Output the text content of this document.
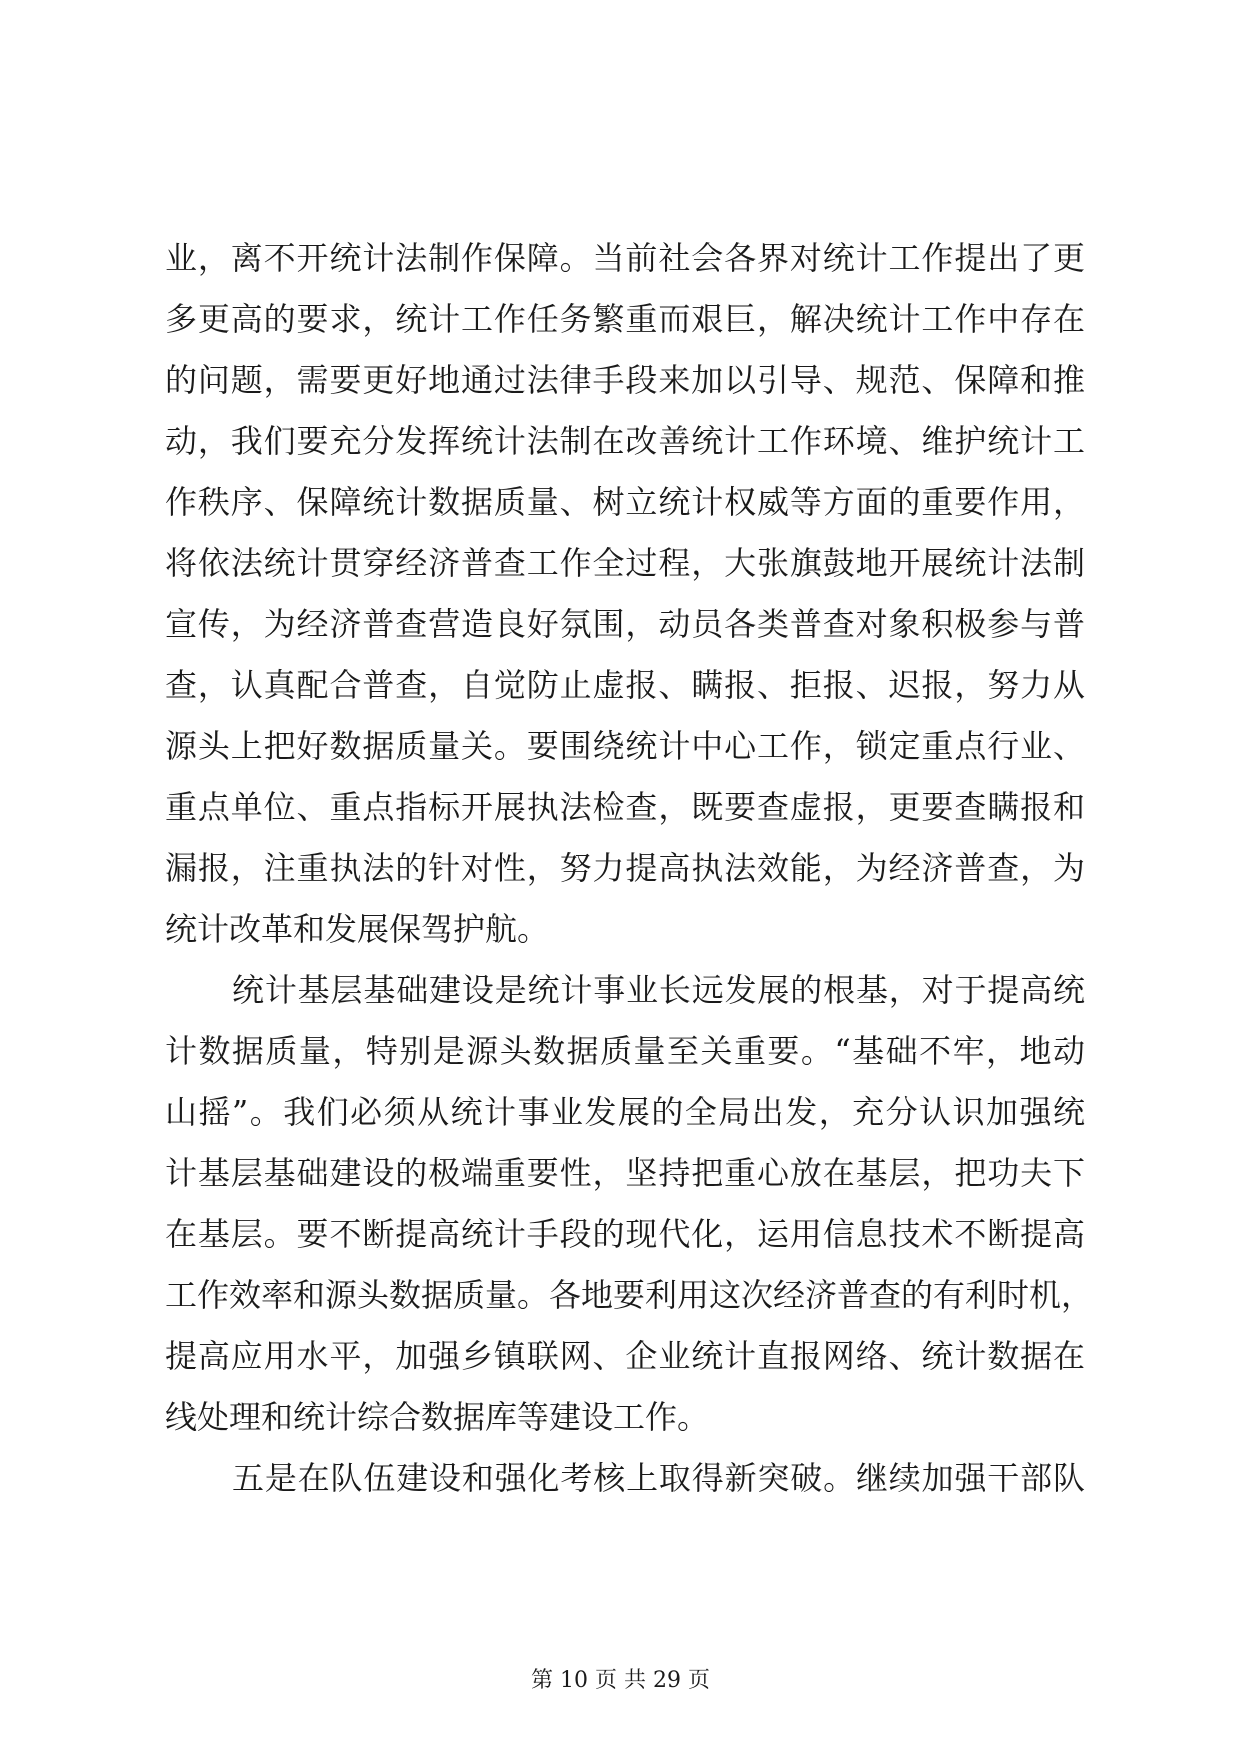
业，离不开统计法制作保障。当前社会各界对统计工作提出了更
多更高的要求，统计工作任务繁重而艰巨，解决统计工作中存在
的问题，需要更好地通过法律手段来加以引导、规范、保障和推
动，我们要充分发挥统计法制在改善统计工作环境、维护统计工
作秩序、保障统计数据质量、树立统计权威等方面的重要作用，
将依法统计贯穿经济普查工作全过程，大张旗鼓地开展统计法制
宣传，为经济普查营造良好氛围，动员各类普查对象积极参与普
查，认真配合普查，自觉防止虚报、瞒报、拒报、迟报，努力从
源头上把好数据质量关。要围绕统计中心工作，锁定重点行业、
重点单位、重点指标开展执法检查，既要查虚报，更要查瞒报和
漏报，注重执法的针对性，努力提高执法效能，为经济普查，为
统计改革和发展保驾护航。
统计基层基础建设是统计事业长远发展的根基，对于提高统
计数据质量，特别是源头数据质量至关重要。“基础不牢，地动
山摇”。我们必须从统计事业发展的全局出发，充分认识加强统
计基层基础建设的极端重要性，坚持把重心放在基层，把功夫下
在基层。要不断提高统计手段的现代化，运用信息技术不断提高
工作效率和源头数据质量。各地要利用这次经济普查的有利时机，
提高应用水平，加强乡镇联网、企业统计直报网络、统计数据在
线处理和统计综合数据库等建设工作。
五是在队伍建设和强化考核上取得新突破。继续加强干部队
第 10 页 共 29 页
